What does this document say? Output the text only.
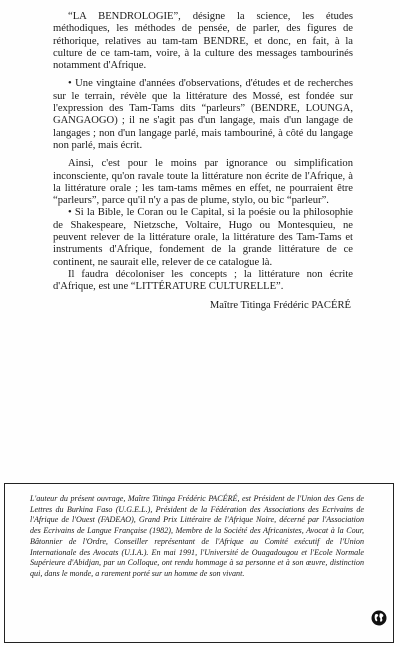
“LA BENDROLOGIE”, désigne la science, les études méthodiques, les méthodes de pensée, de parler, des figures de réthorique, relatives au tam-tam BENDRE, et donc, en fait, à la culture de ce tam-tam, voire, à la culture des messages tambourinés notamment d'Afrique.

• Une vingtaine d'années d'observations, d'études et de recherches sur le terrain, révèle que la littérature des Mossé, est fondée sur l'expression des Tam-Tams dits “parleurs” (BENDRE, LOUNGA, GANGAOGO) ; il ne s'agit pas d'un langage, mais d'un langage de langages ; non d'un langage parlé, mais tambouriné, à côté du langage non parlé, mais écrit.

Ainsi, c'est pour le moins par ignorance ou simplification inconsciente, qu'on ravale toute la littérature non écrite de l'Afrique, à la littérature orale ; les tam-tams mêmes en effet, ne pourraient être “parleurs”, parce qu'il n'y a pas de plume, stylo, ou bic “parleur”.

• Si la Bible, le Coran ou le Capital, si la poésie ou la philosophie de Shakespeare, Nietzsche, Voltaire, Hugo ou Montesquieu, ne peuvent relever de la littérature orale, la littérature des Tam-Tams et instruments d'Afrique, fondement de la grande littérature de ce continent, ne saurait elle, relever de ce catalogue là.

Il faudra décoloniser les concepts ; la littérature non écrite d'Afrique, est une “LITTÉRATURE CULTURELLE”.

Maître Titinga Frédéric PACÉRÉ

L'auteur du présent ouvrage, Maître Titinga Frédéric PACÉRÉ, est Président de l'Union des Gens de Lettres du Burkina Faso (U.G.E.L.), Président de la Fédération des Associations des Ecrivains de l'Afrique de l'Ouest (FADEAO), Grand Prix Littéraire de l'Afrique Noire, décerné par l'Association des Ecrivains de Langue Française (1982), Membre de la Société des Africanistes, Avocat à la Cour, Bâtonnier de l'Ordre, Conseiller représentant de l'Afrique au Comité exécutif de l'Union Internationale des Avocats (U.I.A.). En mai 1991, l'Université de Ouagadougou et l'Ecole Normale Supérieure d'Abidjan, par un Colloque, ont rendu hommage à sa personne et à son œuvre, distinction qui, dans le monde, a rarement porté sur un homme de son vivant.
